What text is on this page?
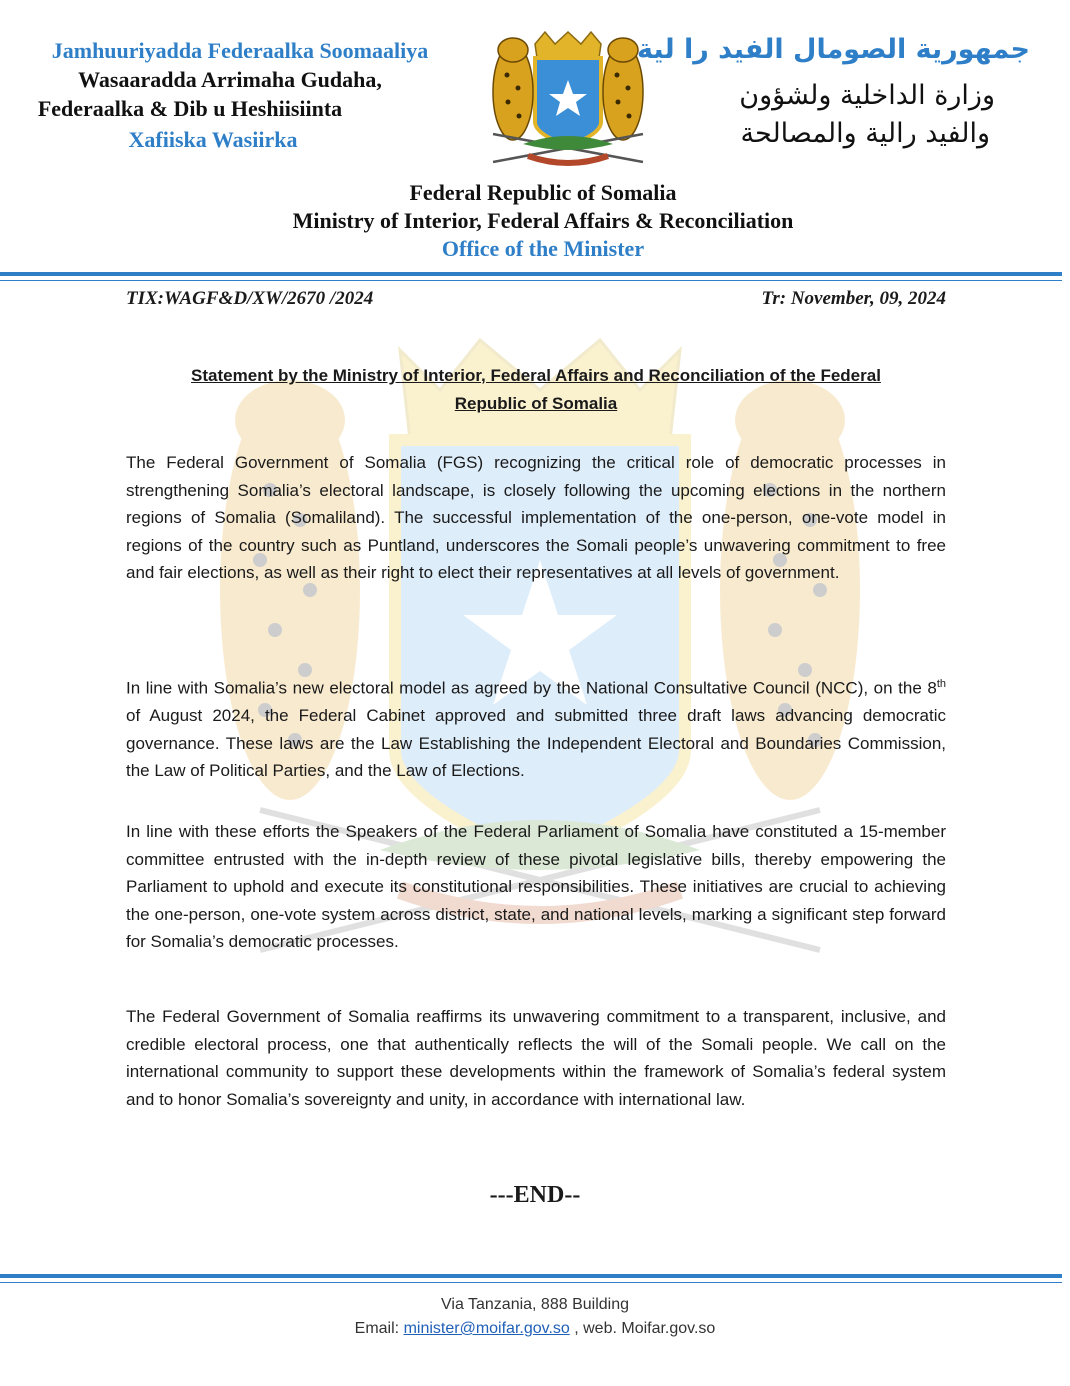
Jamhuuriyadda Federaalka Soomaaliya
Wasaaradda Arrimaha Gudaha,
Federaalka & Dib u Heshiisiinta
Xafiiska Wasiirka
جمهورية الصومال الفيد را لية
وزارة الداخلية ولشؤون
والفيد رالية والمصالحة
Federal Republic of Somalia
Ministry of Interior, Federal Affairs & Reconciliation
Office of the Minister
TIX:WAGF&D/XW/2670 /2024	Tr: November, 09, 2024
Statement by the Ministry of Interior, Federal Affairs and Reconciliation of the Federal
Republic of Somalia
The Federal Government of Somalia (FGS) recognizing the critical role of democratic processes in strengthening Somalia’s electoral landscape, is closely following the upcoming elections in the northern regions of Somalia (Somaliland). The successful implementation of the one-person, one-vote model in regions of the country such as Puntland, underscores the Somali people’s unwavering commitment to free and fair elections, as well as their right to elect their representatives at all levels of government.
In line with Somalia’s new electoral model as agreed by the National Consultative Council (NCC), on the 8th of August 2024, the Federal Cabinet approved and submitted three draft laws advancing democratic governance. These laws are the Law Establishing the Independent Electoral and Boundaries Commission, the Law of Political Parties, and the Law of Elections.
In line with these efforts the Speakers of the Federal Parliament of Somalia have constituted a 15-member committee entrusted with the in-depth review of these pivotal legislative bills, thereby empowering the Parliament to uphold and execute its constitutional responsibilities. These initiatives are crucial to achieving the one-person, one-vote system across district, state, and national levels, marking a significant step forward for Somalia’s democratic processes.
The Federal Government of Somalia reaffirms its unwavering commitment to a transparent, inclusive, and credible electoral process, one that authentically reflects the will of the Somali people. We call on the international community to support these developments within the framework of Somalia’s federal system and to honor Somalia’s sovereignty and unity, in accordance with international law.
---END--
Via Tanzania, 888 Building
Email: minister@moifar.gov.so , web. Moifar.gov.so
